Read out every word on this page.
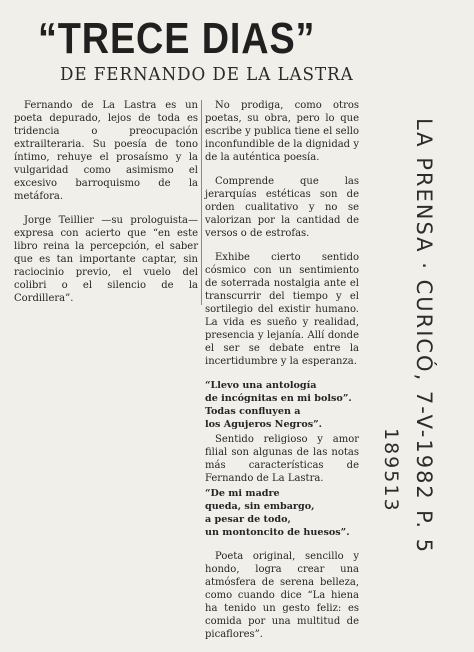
“TRECE DIAS”
DE FERNANDO DE LA LASTRA

Fernando de La Lastra es un poeta depurado, lejos de toda es tridencia o preocupación extrailteraria. Su poesía de tono íntimo, rehuye el prosaísmo y la vulgaridad como asimismo el excesivo barroquismo de la metáfora.

Jorge Teillier —su prologuista— expresa con acierto que “en este libro reina la percepción, el saber que es tan importante captar, sin raciocinio previo, el vuelo del colibri o el silencio de la Cordillera”.

No prodiga, como otros poetas, su obra, pero lo que escribe y publica tiene el sello inconfundible de la dignidad y de la auténtica poesía.

Comprende que las jerarquías estéticas son de orden cualitativo y no se valorizan por la cantidad de versos o de estrofas.

Exhibe cierto sentido cósmico con un sentimiento de soterrada nostalgia ante el transcurrir del tiempo y el sortilegio del existir humano. La vida es sueño y realidad, presencia y lejanía. Allí donde el ser se debate entre la incertidumbre y la esperanza.

“Llevo una antología
de incógnitas en mi bolso”.
Todas confluyen a
los Agujeros Negros”.

Sentido religioso y amor filial son algunas de las notas más características de Fernando de La Lastra.

“De mi madre
queda, sin embargo,
a pesar de todo,
un montoncito de huesos”.

Poeta original, sencillo y hondo, logra crear una atmósfera de serena belleza, como cuando dice “La hiena ha tenido un gesto feliz: es comida por una multitud de picaflores”.

LA PRENSA · CURICÓ, 7-V-1982
189513
P. 5
